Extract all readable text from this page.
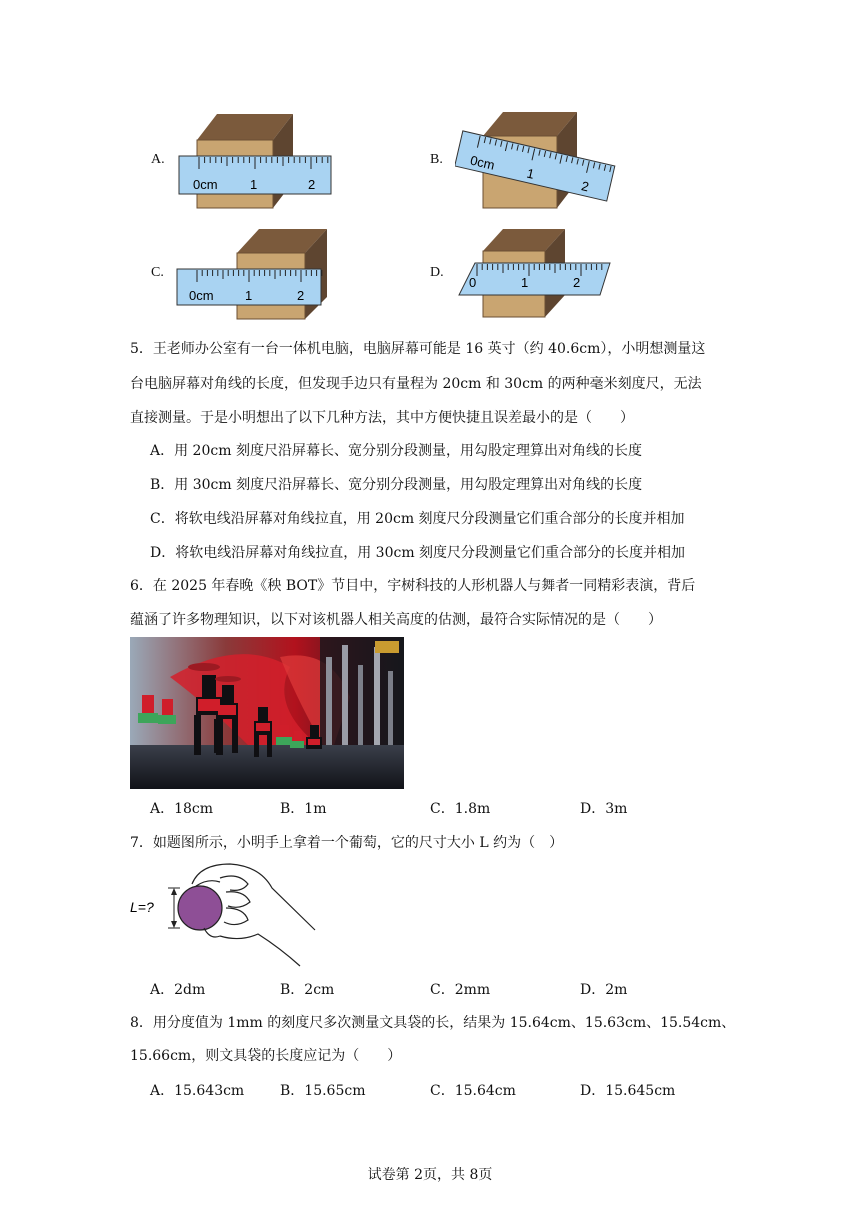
A.
0cm 1	2
B. 0cm
1
2
C.
0cm 1	2
D.
0	1	2
5．王老师办公室有一台一体机电脑，电脑屏幕可能是 16 英寸（约 40.6cm），小明想测量这
台电脑屏幕对角线的长度，但发现手边只有量程为 20cm 和 30cm 的两种毫米刻度尺，无法
直接测量。于是小明想出了以下几种方法，其中方便快捷且误差最小的是（　　）
A．用 20cm 刻度尺沿屏幕长、宽分别分段测量，用勾股定理算出对角线的长度
B．用 30cm 刻度尺沿屏幕长、宽分别分段测量，用勾股定理算出对角线的长度
C．将软电线沿屏幕对角线拉直，用 20cm 刻度尺分段测量它们重合部分的长度并相加
D．将软电线沿屏幕对角线拉直，用 30cm 刻度尺分段测量它们重合部分的长度并相加
6．在 2025 年春晚《秧 BOT》节目中，宇树科技的人形机器人与舞者一同精彩表演，背后
蕴涵了许多物理知识，以下对该机器人相关高度的估测，最符合实际情况的是（　　）
A．18cm	B．1m	C．1.8m	D．3m
7．如题图所示，小明手上拿着一个葡萄，它的尺寸大小 L 约为（　）
L=?
A．2dm	B．2cm	C．2mm	D．2m
8．用分度值为 1mm 的刻度尺多次测量文具袋的长，结果为 15.64cm、15.63cm、15.54cm、
15.66cm，则文具袋的长度应记为（　　）
A．15.643cm	B．15.65cm	C．15.64cm	D．15.645cm
试卷第 2页，共 8页
